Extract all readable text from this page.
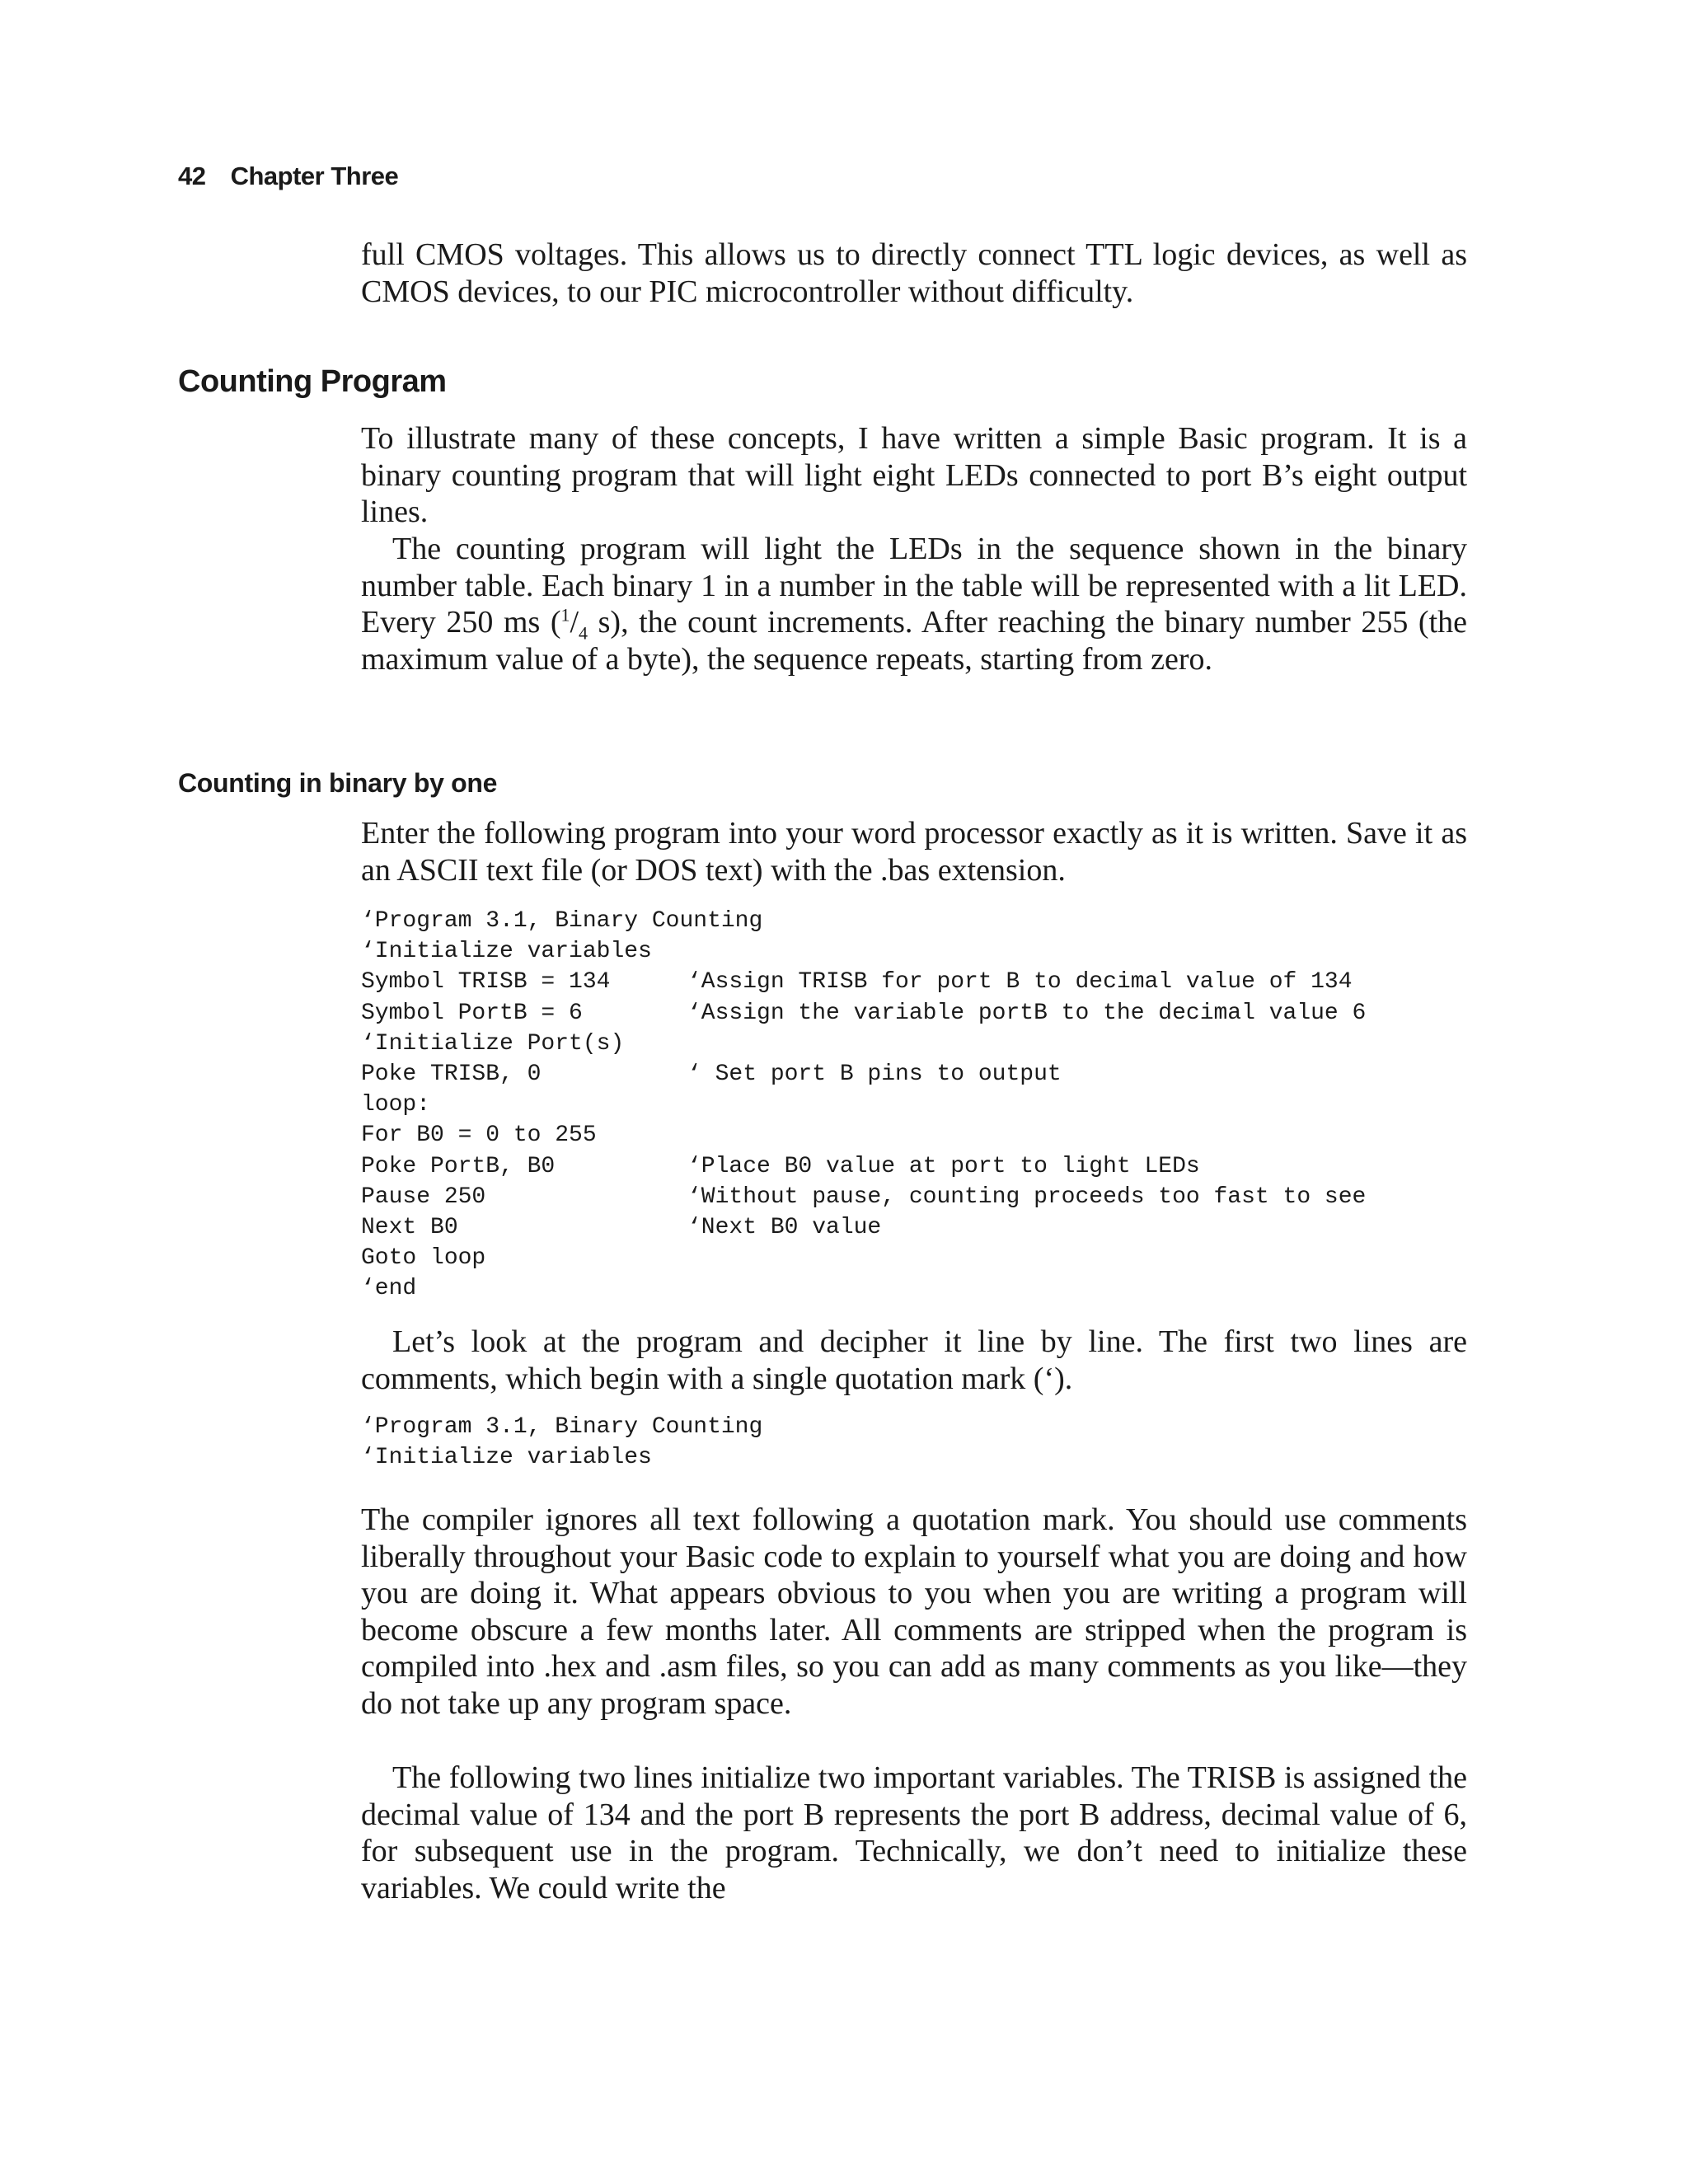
42 Chapter Three

full CMOS voltages. This allows us to directly connect TTL logic devices, as well as CMOS devices, to our PIC microcontroller without difficulty.

Counting Program

To illustrate many of these concepts, I have written a simple Basic program. It is a binary counting program that will light eight LEDs connected to port B’s eight output lines.

The counting program will light the LEDs in the sequence shown in the binary number table. Each binary 1 in a number in the table will be represented with a lit LED. Every 250 ms ($^1/_4$ s), the count increments. After reaching the binary number 255 (the maximum value of a byte), the sequence repeats, starting from zero.

Counting in binary by one

Enter the following program into your word processor exactly as it is written. Save it as an ASCII text file (or DOS text) with the .bas extension.

‘Program 3.1, Binary Counting
‘Initialize variables
Symbol TRISB = 134	‘Assign TRISB for port B to decimal value of 134
Symbol PortB = 6	‘Assign the variable portB to the decimal value 6
‘Initialize Port(s)
Poke TRISB, 0	‘ Set port B pins to output
loop:
For B0 = 0 to 255
Poke PortB, B0	‘Place B0 value at port to light LEDs
Pause 250	‘Without pause, counting proceeds too fast to see
Next B0	‘Next B0 value
Goto loop
‘end

Let’s look at the program and decipher it line by line. The first two lines are comments, which begin with a single quotation mark (‘).

‘Program 3.1, Binary Counting
‘Initialize variables

The compiler ignores all text following a quotation mark. You should use comments liberally throughout your Basic code to explain to yourself what you are doing and how you are doing it. What appears obvious to you when you are writing a program will become obscure a few months later. All comments are stripped when the program is compiled into .hex and .asm files, so you can add as many comments as you like—they do not take up any program space.

The following two lines initialize two important variables. The TRISB is assigned the decimal value of 134 and the port B represents the port B address, decimal value of 6, for subsequent use in the program. Technically, we don’t need to initialize these variables. We could write the
